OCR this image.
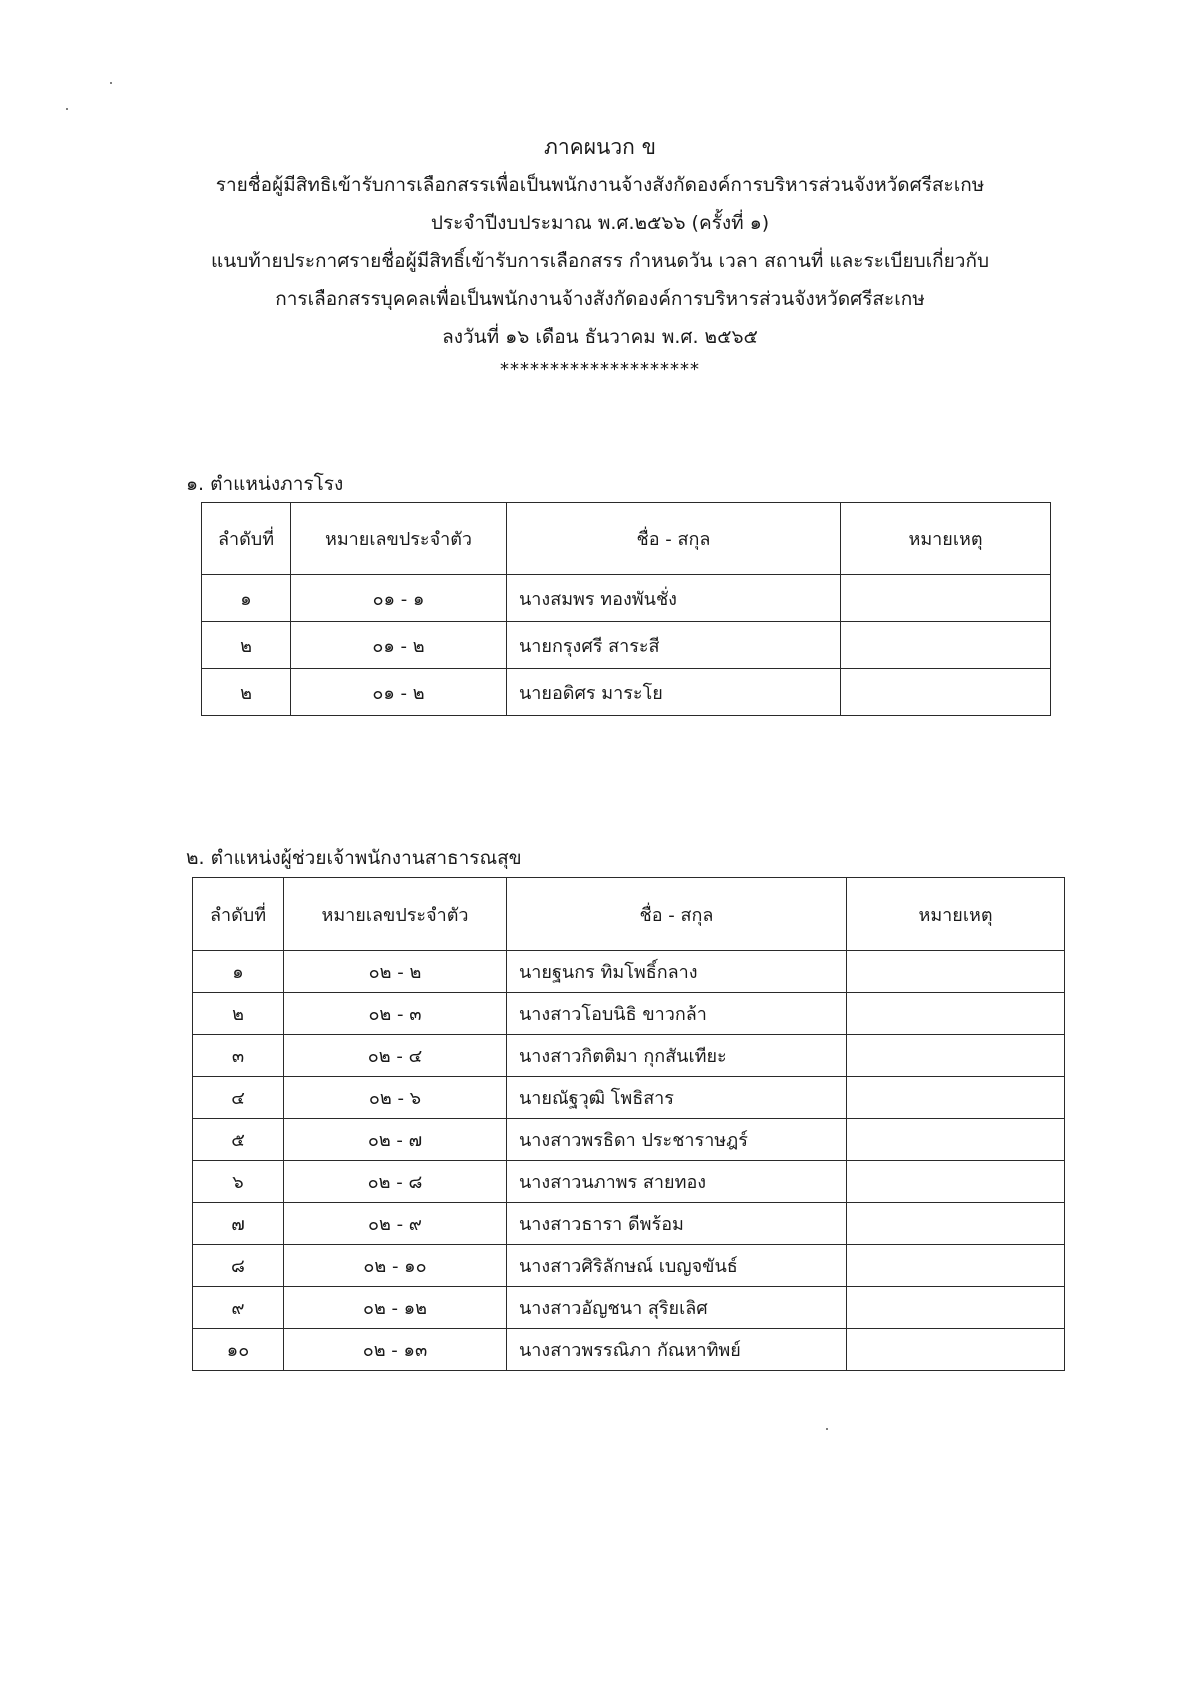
ภาคผนวก ข
รายชื่อผู้มีสิทธิเข้ารับการเลือกสรรเพื่อเป็นพนักงานจ้างสังกัดองค์การบริหารส่วนจังหวัดศรีสะเกษ
ประจำปีงบประมาณ พ.ศ.๒๕๖๖ (ครั้งที่ ๑)
แนบท้ายประกาศรายชื่อผู้มีสิทธิ์เข้ารับการเลือกสรร กำหนดวัน เวลา สถานที่ และระเบียบเกี่ยวกับ
การเลือกสรรบุคคลเพื่อเป็นพนักงานจ้างสังกัดองค์การบริหารส่วนจังหวัดศรีสะเกษ
ลงวันที่ ๑๖ เดือน ธันวาคม พ.ศ. ๒๕๖๕
********************
๑. ตำแหน่งภารโรง
ลำดับที่	หมายเลขประจำตัว	ชื่อ - สกุล	หมายเหตุ
๑	๐๑ - ๑	นางสมพร ทองพันชั่ง	
๒	๐๑ - ๒	นายกรุงศรี สาระสี	
๒	๐๑ - ๒	นายอดิศร มาระโย	
๒. ตำแหน่งผู้ช่วยเจ้าพนักงานสาธารณสุข
ลำดับที่	หมายเลขประจำตัว	ชื่อ - สกุล	หมายเหตุ
๑	๐๒ - ๒	นายฐนกร ทิมโพธิ์กลาง	
๒	๐๒ - ๓	นางสาวโอบนิธิ ขาวกล้า	
๓	๐๒ - ๔	นางสาวกิตติมา กุกสันเทียะ	
๔	๐๒ - ๖	นายณัฐวุฒิ โพธิสาร	
๕	๐๒ - ๗	นางสาวพรธิดา ประชาราษฎร์	
๖	๐๒ - ๘	นางสาวนภาพร สายทอง	
๗	๐๒ - ๙	นางสาวธารา ดีพร้อม	
๘	๐๒ - ๑๐	นางสาวศิริลักษณ์ เบญจขันธ์	
๙	๐๒ - ๑๒	นางสาวอัญชนา สุริยเลิศ	
๑๐	๐๒ - ๑๓	นางสาวพรรณิภา กัณหาทิพย์	
